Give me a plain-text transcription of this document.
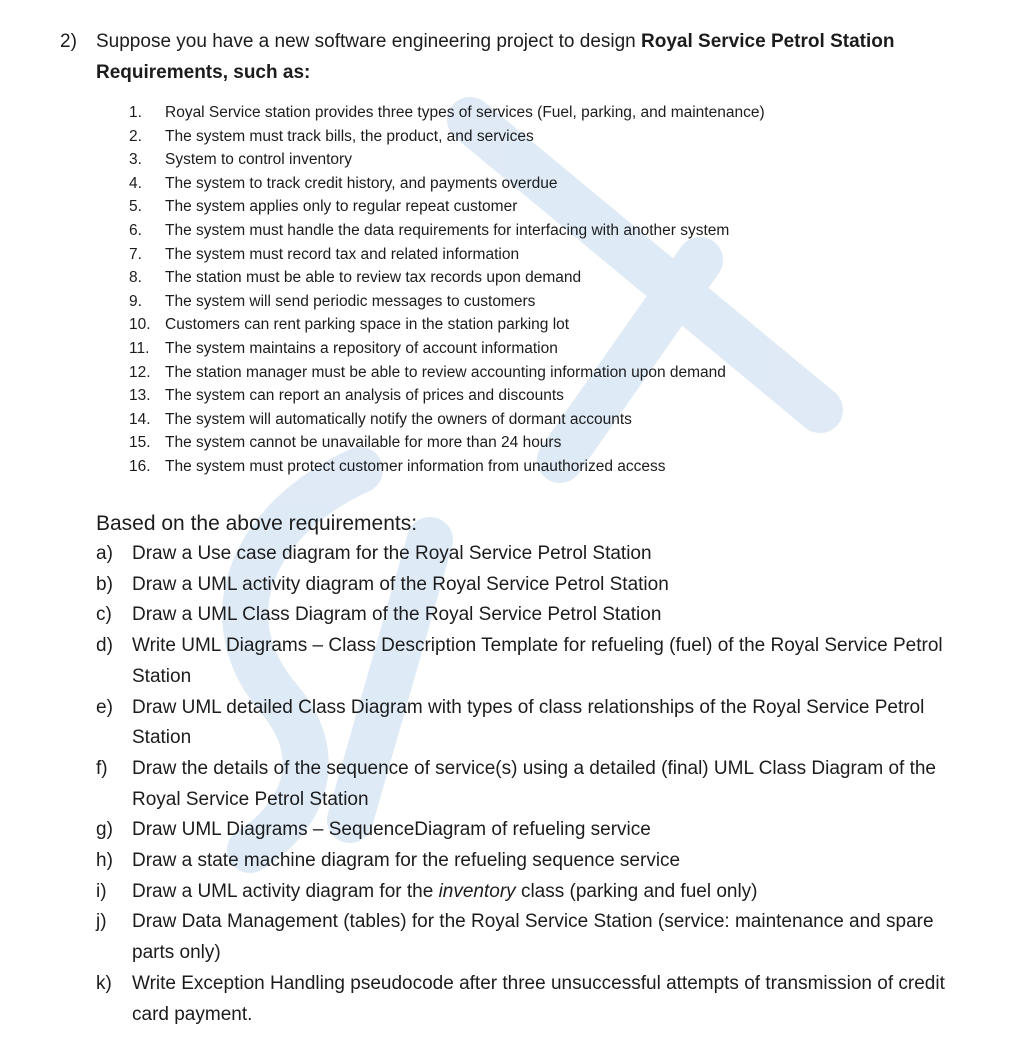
2) Suppose you have a new software engineering project to design Royal Service Petrol Station Requirements, such as:
1.	Royal Service station provides three types of services (Fuel, parking, and maintenance)
2.	The system must track bills, the product, and services
3.	System to control inventory
4.	The system to track credit history, and payments overdue
5.	The system applies only to regular repeat customer
6.	The system must handle the data requirements for interfacing with another system
7.	The system must record tax and related information
8.	The station must be able to review tax records upon demand
9.	The system will send periodic messages to customers
10. Customers can rent parking space in the station parking lot
11.	The system maintains a repository of account information
12. The station manager must be able to review accounting information upon demand
13. The system can report an analysis of prices and discounts
14. The system will automatically notify the owners of dormant accounts
15. The system cannot be unavailable for more than 24 hours
16. The system must protect customer information from unauthorized access
Based on the above requirements:
a) Draw a Use case diagram for the Royal Service Petrol Station
b) Draw a UML activity diagram of the Royal Service Petrol Station
c) Draw a UML Class Diagram of the Royal Service Petrol Station
d) Write UML Diagrams – Class Description Template for refueling (fuel) of the Royal Service Petrol Station
e) Draw UML detailed Class Diagram with types of class relationships of the Royal Service Petrol Station
f) Draw the details of the sequence of service(s) using a detailed (final) UML Class Diagram of the Royal Service Petrol Station
g) Draw UML Diagrams – SequenceDiagram of refueling service
h) Draw a state machine diagram for the refueling sequence service
i) Draw a UML activity diagram for the inventory class (parking and fuel only)
j) Draw Data Management (tables) for the Royal Service Station (service: maintenance and spare parts only)
k) Write Exception Handling pseudocode after three unsuccessful attempts of transmission of credit card payment.
